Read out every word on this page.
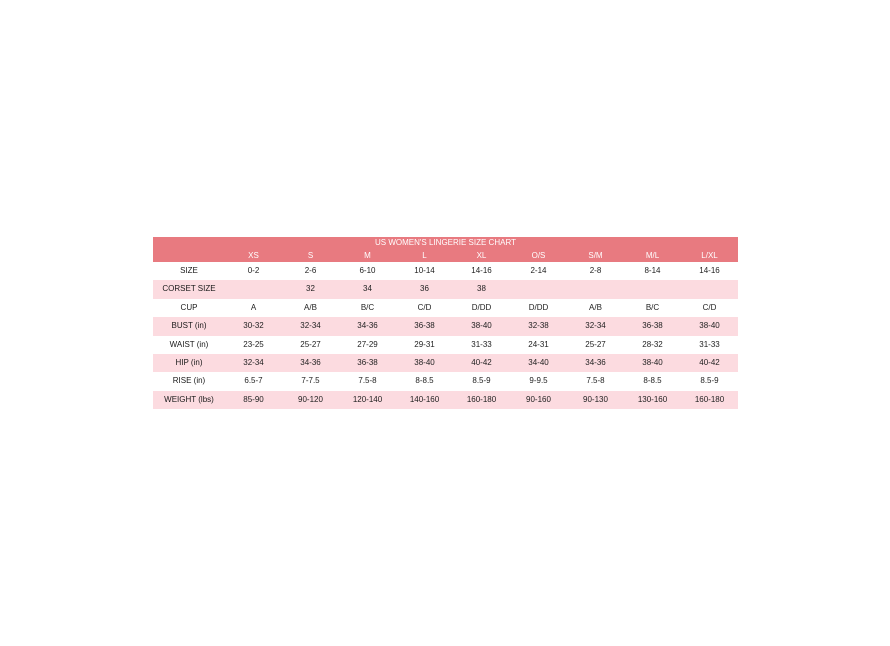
US WOMEN'S LINGERIE SIZE CHART									
	XS	S	M	L	XL	O/S	S/M	M/L	L/XL
SIZE	0-2	2-6	6-10	10-14	14-16	2-14	2-8	8-14	14-16
CORSET SIZE		32	34	36	38				
CUP	A	A/B	B/C	C/D	D/DD	D/DD	A/B	B/C	C/D
BUST (in)	30-32	32-34	34-36	36-38	38-40	32-38	32-34	36-38	38-40
WAIST (in)	23-25	25-27	27-29	29-31	31-33	24-31	25-27	28-32	31-33
HIP (in)	32-34	34-36	36-38	38-40	40-42	34-40	34-36	38-40	40-42
RISE (in)	6.5-7	7-7.5	7.5-8	8-8.5	8.5-9	9-9.5	7.5-8	8-8.5	8.5-9
WEIGHT (lbs)	85-90	90-120	120-140	140-160	160-180	90-160	90-130	130-160	160-180
